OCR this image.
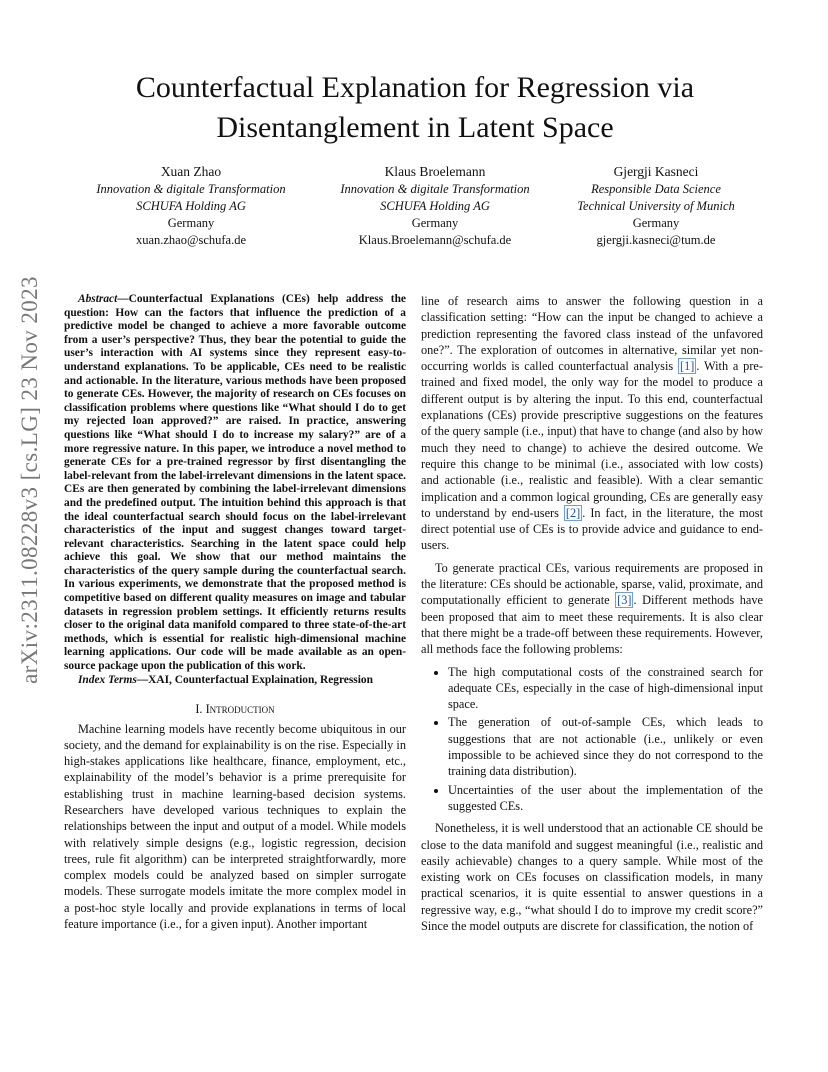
arXiv:2311.08228v3 [cs.LG] 23 Nov 2023
Counterfactual Explanation for Regression via Disentanglement in Latent Space
Xuan Zhao
Innovation & digitale Transformation
SCHUFA Holding AG
Germany
xuan.zhao@schufa.de
Klaus Broelemann
Innovation & digitale Transformation
SCHUFA Holding AG
Germany
Klaus.Broelemann@schufa.de
Gjergji Kasneci
Responsible Data Science
Technical University of Munich
Germany
gjergji.kasneci@tum.de

Abstract—Counterfactual Explanations (CEs) help address the question: How can the factors that influence the prediction of a predictive model be changed to achieve a more favorable outcome from a user’s perspective? Thus, they bear the potential to guide the user’s interaction with AI systems since they represent easy-to-understand explanations. To be applicable, CEs need to be realistic and actionable. In the literature, various methods have been proposed to generate CEs. However, the majority of research on CEs focuses on classification problems where questions like “What should I do to get my rejected loan approved?” are raised. In practice, answering questions like “What should I do to increase my salary?” are of a more regressive nature. In this paper, we introduce a novel method to generate CEs for a pre-trained regressor by first disentangling the label-relevant from the label-irrelevant dimensions in the latent space. CEs are then generated by combining the label-irrelevant dimensions and the predefined output. The intuition behind this approach is that the ideal counterfactual search should focus on the label-irrelevant characteristics of the input and suggest changes toward target-relevant characteristics. Searching in the latent space could help achieve this goal. We show that our method maintains the characteristics of the query sample during the counterfactual search. In various experiments, we demonstrate that the proposed method is competitive based on different quality measures on image and tabular datasets in regression problem settings. It efficiently returns results closer to the original data manifold compared to three state-of-the-art methods, which is essential for realistic high-dimensional machine learning applications. Our code will be made available as an open-source package upon the publication of this work.

Index Terms—XAI, Counterfactual Explaination, Regression

I. Introduction

Machine learning models have recently become ubiquitous in our society, and the demand for explainability is on the rise. Especially in high-stakes applications like healthcare, finance, employment, etc., explainability of the model’s behavior is a prime prerequisite for establishing trust in machine learning-based decision systems. Researchers have developed various techniques to explain the relationships between the input and output of a model. While models with relatively simple designs (e.g., logistic regression, decision trees, rule fit algorithm) can be interpreted straightforwardly, more complex models could be analyzed based on simpler surrogate models. These surrogate models imitate the more complex model in a post-hoc style locally and provide explanations in terms of local feature importance (i.e., for a given input). Another important

line of research aims to answer the following question in a classification setting: “How can the input be changed to achieve a prediction representing the favored class instead of the unfavored one?”. The exploration of outcomes in alternative, similar yet non-occurring worlds is called counterfactual analysis [1] . With a pre-trained and fixed model, the only way for the model to produce a different output is by altering the input. To this end, counterfactual explanations (CEs) provide prescriptive suggestions on the features of the query sample (i.e., input) that have to change (and also by how much they need to change) to achieve the desired outcome. We require this change to be minimal (i.e., associated with low costs) and actionable (i.e., realistic and feasible). With a clear semantic implication and a common logical grounding, CEs are generally easy to understand by end-users [2] . In fact, in the literature, the most direct potential use of CEs is to provide advice and guidance to end-users.

To generate practical CEs, various requirements are proposed in the literature: CEs should be actionable, sparse, valid, proximate, and computationally efficient to generate [3] . Different methods have been proposed that aim to meet these requirements. It is also clear that there might be a trade-off between these requirements. However, all methods face the following problems:

• The high computational costs of the constrained search for adequate CEs, especially in the case of high-dimensional input space.
• The generation of out-of-sample CEs, which leads to suggestions that are not actionable (i.e., unlikely or even impossible to be achieved since they do not correspond to the training data distribution).
• Uncertainties of the user about the implementation of the suggested CEs.

Nonetheless, it is well understood that an actionable CE should be close to the data manifold and suggest meaningful (i.e., realistic and easily achievable) changes to a query sample. While most of the existing work on CEs focuses on classification models, in many practical scenarios, it is quite essential to answer questions in a regressive way, e.g., “what should I do to improve my credit score?” Since the model outputs are discrete for classification, the notion of
